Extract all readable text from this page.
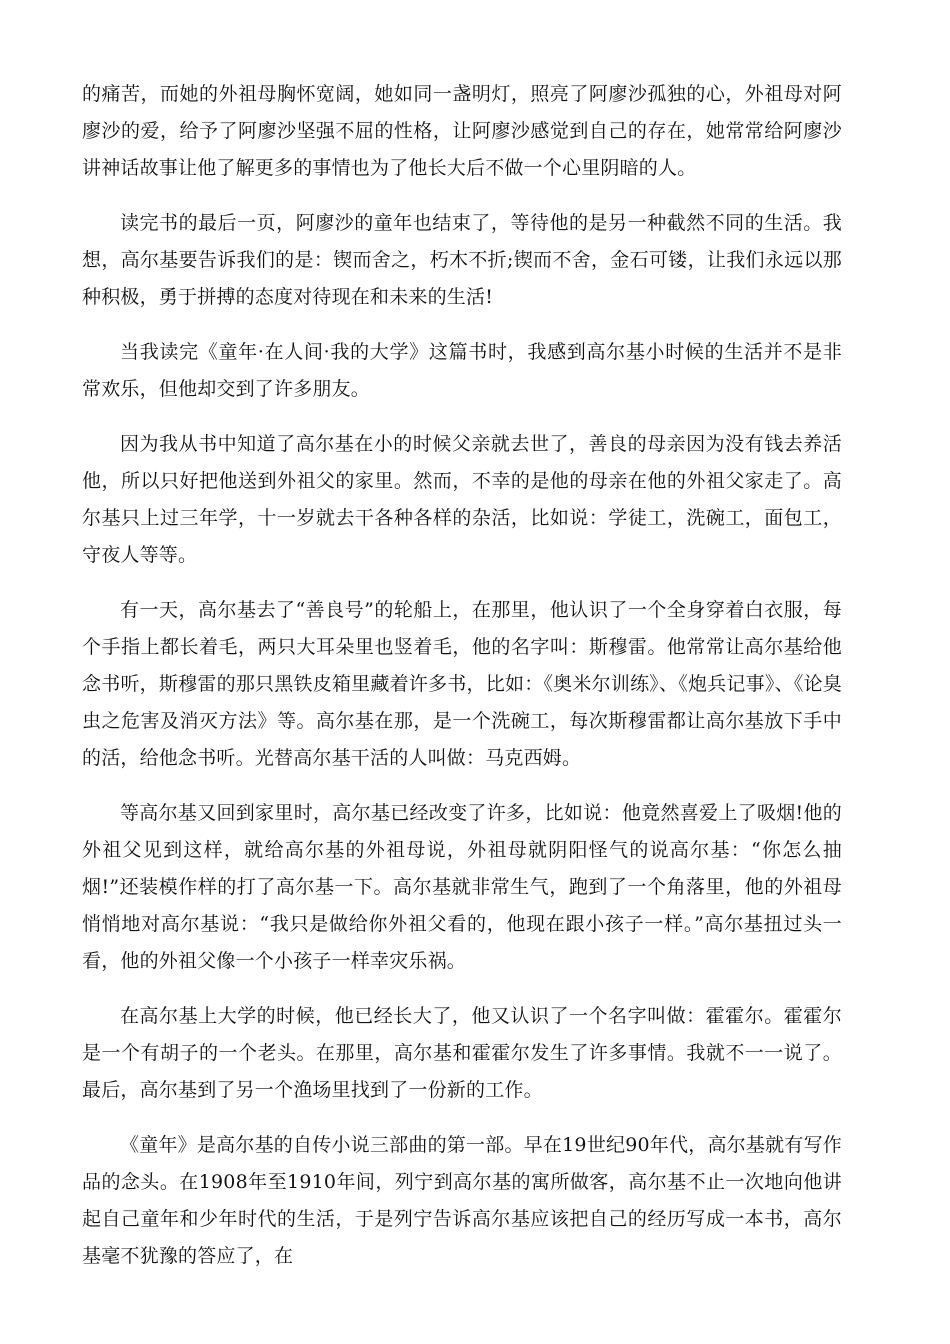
的痛苦，而她的外祖母胸怀宽阔，她如同一盏明灯，照亮了阿廖沙孤独的心，外祖母对阿廖沙的爱，给予了阿廖沙坚强不屈的性格，让阿廖沙感觉到自己的存在，她常常给阿廖沙讲神话故事让他了解更多的事情也为了他长大后不做一个心里阴暗的人。

读完书的最后一页，阿廖沙的童年也结束了，等待他的是另一种截然不同的生活。我想，高尔基要告诉我们的是：锲而舍之，朽木不折;锲而不舍，金石可镂，让我们永远以那种积极，勇于拼搏的态度对待现在和未来的生活!

当我读完《童年·在人间·我的大学》这篇书时，我感到高尔基小时候的生活并不是非常欢乐，但他却交到了许多朋友。

因为我从书中知道了高尔基在小的时候父亲就去世了，善良的母亲因为没有钱去养活他，所以只好把他送到外祖父的家里。然而，不幸的是他的母亲在他的外祖父家走了。高尔基只上过三年学，十一岁就去干各种各样的杂活，比如说：学徒工，洗碗工，面包工，守夜人等等。

有一天，高尔基去了“善良号”的轮船上，在那里，他认识了一个全身穿着白衣服，每个手指上都长着毛，两只大耳朵里也竖着毛，他的名字叫：斯穆雷。他常常让高尔基给他念书听，斯穆雷的那只黑铁皮箱里藏着许多书，比如：《奥米尔训练》、《炮兵记事》、《论臭虫之危害及消灭方法》等。高尔基在那，是一个洗碗工，每次斯穆雷都让高尔基放下手中的活，给他念书听。光替高尔基干活的人叫做：马克西姆。

等高尔基又回到家里时，高尔基已经改变了许多，比如说：他竟然喜爱上了吸烟!他的外祖父见到这样，就给高尔基的外祖母说，外祖母就阴阳怪气的说高尔基：“你怎么抽烟!”还装模作样的打了高尔基一下。高尔基就非常生气，跑到了一个角落里，他的外祖母悄悄地对高尔基说：“我只是做给你外祖父看的，他现在跟小孩子一样。”高尔基扭过头一看，他的外祖父像一个小孩子一样幸灾乐祸。

在高尔基上大学的时候，他已经长大了，他又认识了一个名字叫做：霍霍尔。霍霍尔是一个有胡子的一个老头。在那里，高尔基和霍霍尔发生了许多事情。我就不一一说了。最后，高尔基到了另一个渔场里找到了一份新的工作。

《童年》是高尔基的自传小说三部曲的第一部。早在19世纪90年代，高尔基就有写作品的念头。在1908年至1910年间，列宁到高尔基的寓所做客，高尔基不止一次地向他讲起自己童年和少年时代的生活，于是列宁告诉高尔基应该把自己的经历写成一本书，高尔基毫不犹豫的答应了，在
